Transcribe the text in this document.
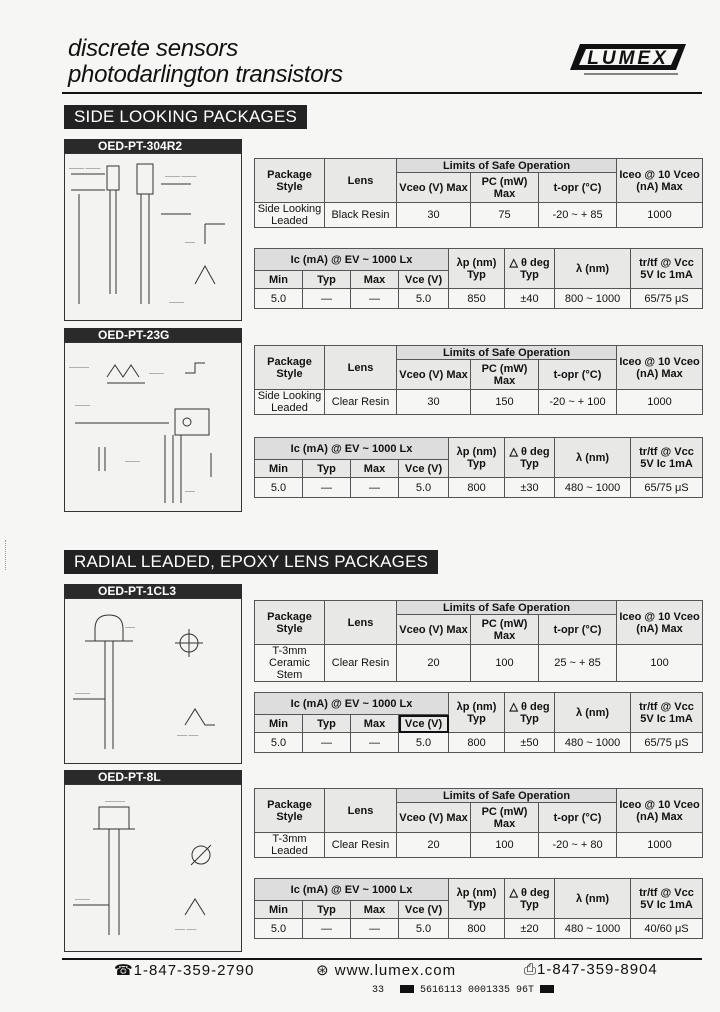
discrete sensors
photodarlington transistors
LUMEX
SIDE LOOKING PACKAGES
OED-PT-304R2
——— ———
——— ———
——
———
Package Style	Lens	Limits of Safe Operation			Iceo @ 10 Vceo (nA) Max
		Vceo (V) Max	PC (mW) Max	t-opr (°C)	
Side Looking Leaded	Black Resin	30	75	-20 ~ + 85	1000
Ic (mA) @ EV ~ 1000 Lx				λp (nm) Typ	△ θ deg Typ	λ (nm)	tr/tf @ Vcc 5V Ic 1mA
Min	Typ	Max	Vce (V)				
5.0	—	—	5.0	850	±40	800 ~ 1000	65/75 μS
OED-PT-23G
————
———
———
———
——
Package Style	Lens	Limits of Safe Operation			Iceo @ 10 Vceo (nA) Max
		Vceo (V) Max	PC (mW) Max	t-opr (°C)	
Side Looking Leaded	Clear Resin	30	150	-20 ~ + 100	1000
Ic (mA) @ EV ~ 1000 Lx				λp (nm) Typ	△ θ deg Typ	λ (nm)	tr/tf @ Vcc 5V Ic 1mA
Min	Typ	Max	Vce (V)				
5.0	—	—	5.0	800	±30	480 ~ 1000	65/75 μS
RADIAL LEADED, EPOXY LENS PACKAGES
OED-PT-1CL3
———
—— ——
——
Package Style	Lens	Limits of Safe Operation			Iceo @ 10 Vceo (nA) Max
		Vceo (V) Max	PC (mW) Max	t-opr (°C)	
T-3mm Ceramic Stem	Clear Resin	20	100	25 ~ + 85	100
Ic (mA) @ EV ~ 1000 Lx				λp (nm) Typ	△ θ deg Typ	λ (nm)	tr/tf @ Vcc 5V Ic 1mA
Min	Typ	Max	Vce (V)				
5.0	—	—	5.0	800	±50	480 ~ 1000	65/75 μS
OED-PT-8L
————
———
—— ——
Package Style	Lens	Limits of Safe Operation			Iceo @ 10 Vceo (nA) Max
		Vceo (V) Max	PC (mW) Max	t-opr (°C)	
T-3mm Leaded	Clear Resin	20	100	-20 ~ + 80	1000
Ic (mA) @ EV ~ 1000 Lx				λp (nm) Typ	△ θ deg Typ	λ (nm)	tr/tf @ Vcc 5V Ic 1mA
Min	Typ	Max	Vce (V)				
5.0	—	—	5.0	800	±20	480 ~ 1000	40/60 μS
☎1-847-359-2790	⊛ www.lumex.com	⎙1-847-359-8904
33	5616113 0001335 96T
